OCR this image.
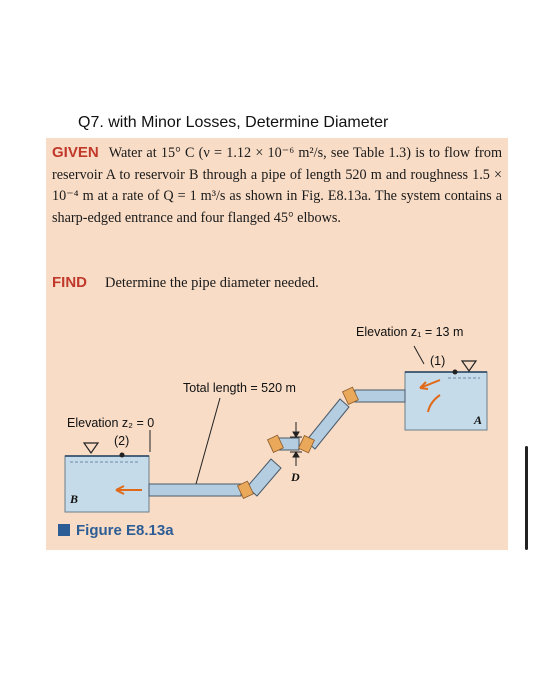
Q7. with Minor Losses, Determine Diameter
GIVEN Water at 15° C (ν = 1.12 × 10⁻⁶ m²/s, see Table 1.3) is to flow from reservoir A to reservoir B through a pipe of length 520 m and roughness 1.5 × 10⁻⁴ m at a rate of Q = 1 m³/s as shown in Fig. E8.13a. The system contains a sharp-edged entrance and four flanged 45° elbows.
FIND Determine the pipe diameter needed.
Elevation z₁ = 13 m
(1)
Total length = 520 m
Elevation z₂ = 0
(2)
A
B
D
Figure E8.13a
